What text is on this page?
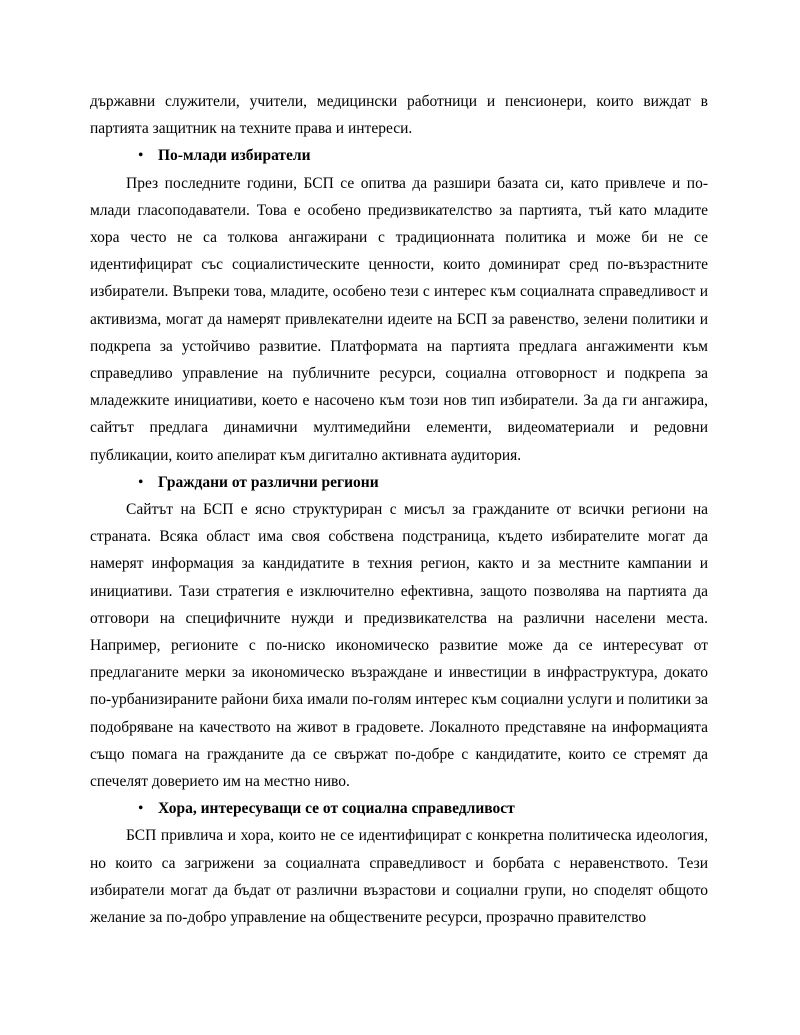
държавни служители, учители, медицински работници и пенсионери, които виждат в партията защитник на техните права и интереси.

• По-млади избиратели

През последните години, БСП се опитва да разшири базата си, като привлече и по-млади гласоподаватели. Това е особено предизвикателство за партията, тъй като младите хора често не са толкова ангажирани с традиционната политика и може би не се идентифицират със социалистическите ценности, които доминират сред по-възрастните избиратели. Въпреки това, младите, особено тези с интерес към социалната справедливост и активизма, могат да намерят привлекателни идеите на БСП за равенство, зелени политики и подкрепа за устойчиво развитие. Платформата на партията предлага ангажименти към справедливо управление на публичните ресурси, социална отговорност и подкрепа за младежките инициативи, което е насочено към този нов тип избиратели. За да ги ангажира, сайтът предлага динамични мултимедийни елементи, видеоматериали и редовни публикации, които апелират към дигитално активната аудитория.

• Граждани от различни региони

Сайтът на БСП е ясно структуриран с мисъл за гражданите от всички региони на страната. Всяка област има своя собствена подстраница, където избирателите могат да намерят информация за кандидатите в техния регион, както и за местните кампании и инициативи. Тази стратегия е изключително ефективна, защото позволява на партията да отговори на специфичните нужди и предизвикателства на различни населени места. Например, регионите с по-ниско икономическо развитие може да се интересуват от предлаганите мерки за икономическо възраждане и инвестиции в инфраструктура, докато по-урбанизираните райони биха имали по-голям интерес към социални услуги и политики за подобряване на качеството на живот в градовете. Локалното представяне на информацията също помага на гражданите да се свържат по-добре с кандидатите, които се стремят да спечелят доверието им на местно ниво.

• Хора, интересуващи се от социална справедливост

БСП привлича и хора, които не се идентифицират с конкретна политическа идеология, но които са загрижени за социалната справедливост и борбата с неравенството. Тези избиратели могат да бъдат от различни възрастови и социални групи, но споделят общото желание за по-добро управление на обществените ресурси, прозрачно правителство
